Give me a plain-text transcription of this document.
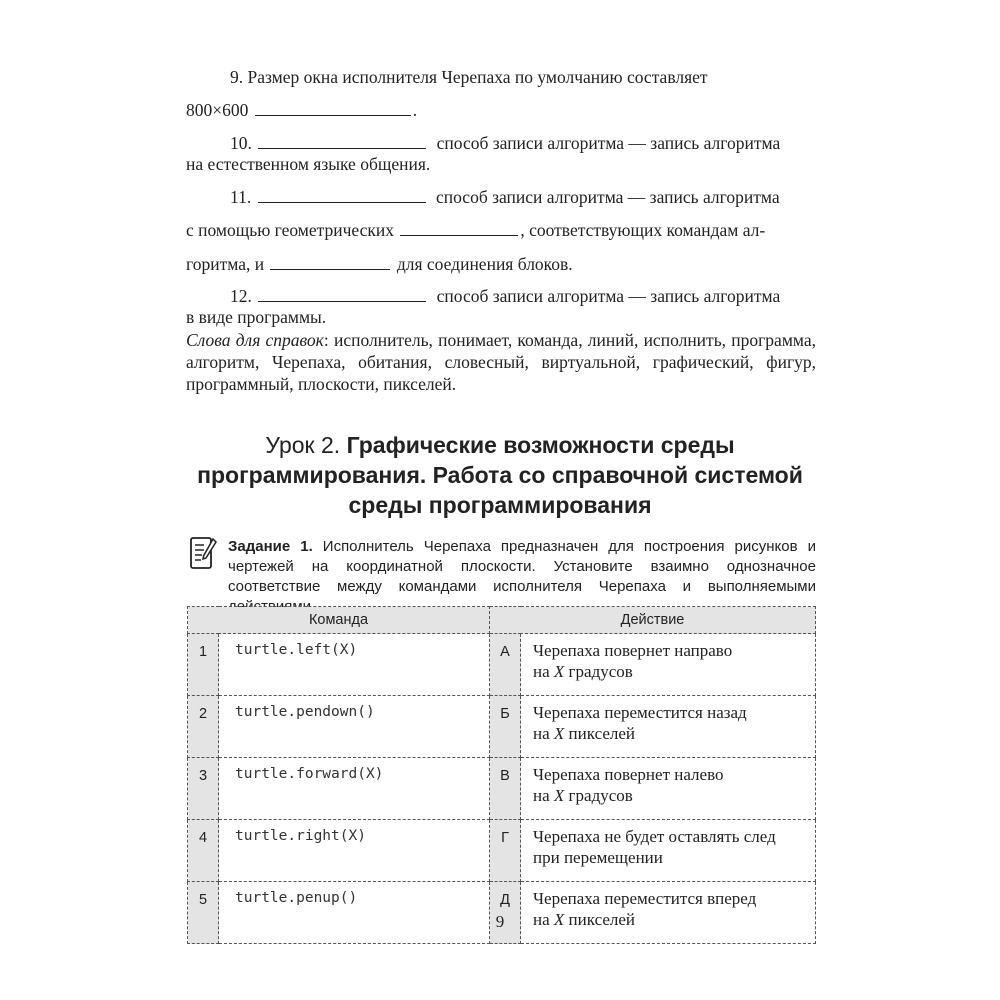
9. Размер окна исполнителя Черепаха по умолчанию составляет
800×600	.
10.	способ записи алгоритма — запись алгоритма
на естественном языке общения.
11.	способ записи алгоритма — запись алгоритма
с помощью геометрических	, соответствующих командам ал-
горитма, и	для соединения блоков.
12.	способ записи алгоритма — запись алгоритма
в виде программы.
Слова для справок: исполнитель, понимает, команда, линий, исполнить, программа, алгоритм, Черепаха, обитания, словесный, виртуальной, графический, фигур, программный, плоскости, пикселей.
Урок 2. Графические возможности среды
программирования. Работа со справочной системой
среды программирования
Задание 1. Исполнитель Черепаха предназначен для построения рисунков и чертежей на координатной плоскости. Установите взаимно однозначное соответствие между командами исполнителя Черепаха и выполняемыми
Команда		Действие	
1	turtle.left(X)	А	Черепаха повернет направо
на X градусов

2	turtle.pendown()	Б	Черепаха переместится назад
на X пикселей

3	turtle.forward(X)	В	Черепаха повернет налево
на X градусов

4	turtle.right(X)	Г	Черепаха не будет оставлять след
при перемещении

5	turtle.penup()	Д	Черепаха переместится вперед
на X пикселей
9
